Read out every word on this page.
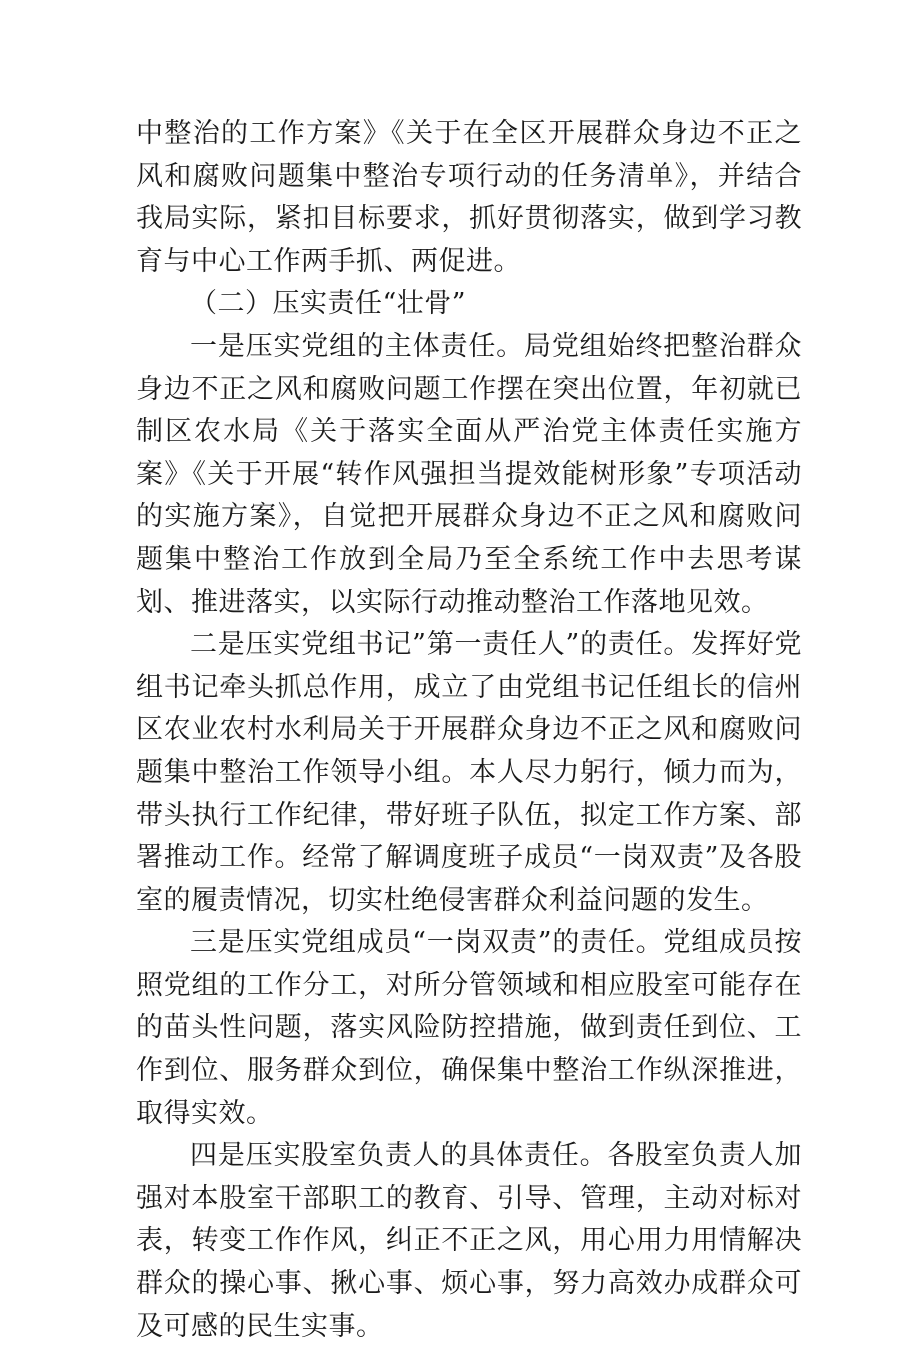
中整治的工作方案》《关于在全区开展群众身边不正之风和腐败问题集中整治专项行动的任务清单》，并结合我局实际，紧扣目标要求，抓好贯彻落实，做到学习教育与中心工作两手抓、两促进。

（二）压实责任“壮骨”

一是压实党组的主体责任。局党组始终把整治群众身边不正之风和腐败问题工作摆在突出位置，年初就已制区农水局《关于落实全面从严治党主体责任实施方案》《关于开展“转作风强担当提效能树形象”专项活动的实施方案》，自觉把开展群众身边不正之风和腐败问题集中整治工作放到全局乃至全系统工作中去思考谋划、推进落实，以实际行动推动整治工作落地见效。

二是压实党组书记”第一责任人”的责任。发挥好党组书记牵头抓总作用，成立了由党组书记任组长的信州区农业农村水利局关于开展群众身边不正之风和腐败问题集中整治工作领导小组。本人尽力躬行，倾力而为，带头执行工作纪律，带好班子队伍，拟定工作方案、部署推动工作。经常了解调度班子成员“一岗双责”及各股室的履责情况，切实杜绝侵害群众利益问题的发生。

三是压实党组成员“一岗双责”的责任。党组成员按照党组的工作分工，对所分管领域和相应股室可能存在的苗头性问题，落实风险防控措施，做到责任到位、工作到位、服务群众到位，确保集中整治工作纵深推进，取得实效。

四是压实股室负责人的具体责任。各股室负责人加强对本股室干部职工的教育、引导、管理，主动对标对表，转变工作作风，纠正不正之风，用心用力用情解决群众的操心事、揪心事、烦心事，努力高效办成群众可及可感的民生实事。
